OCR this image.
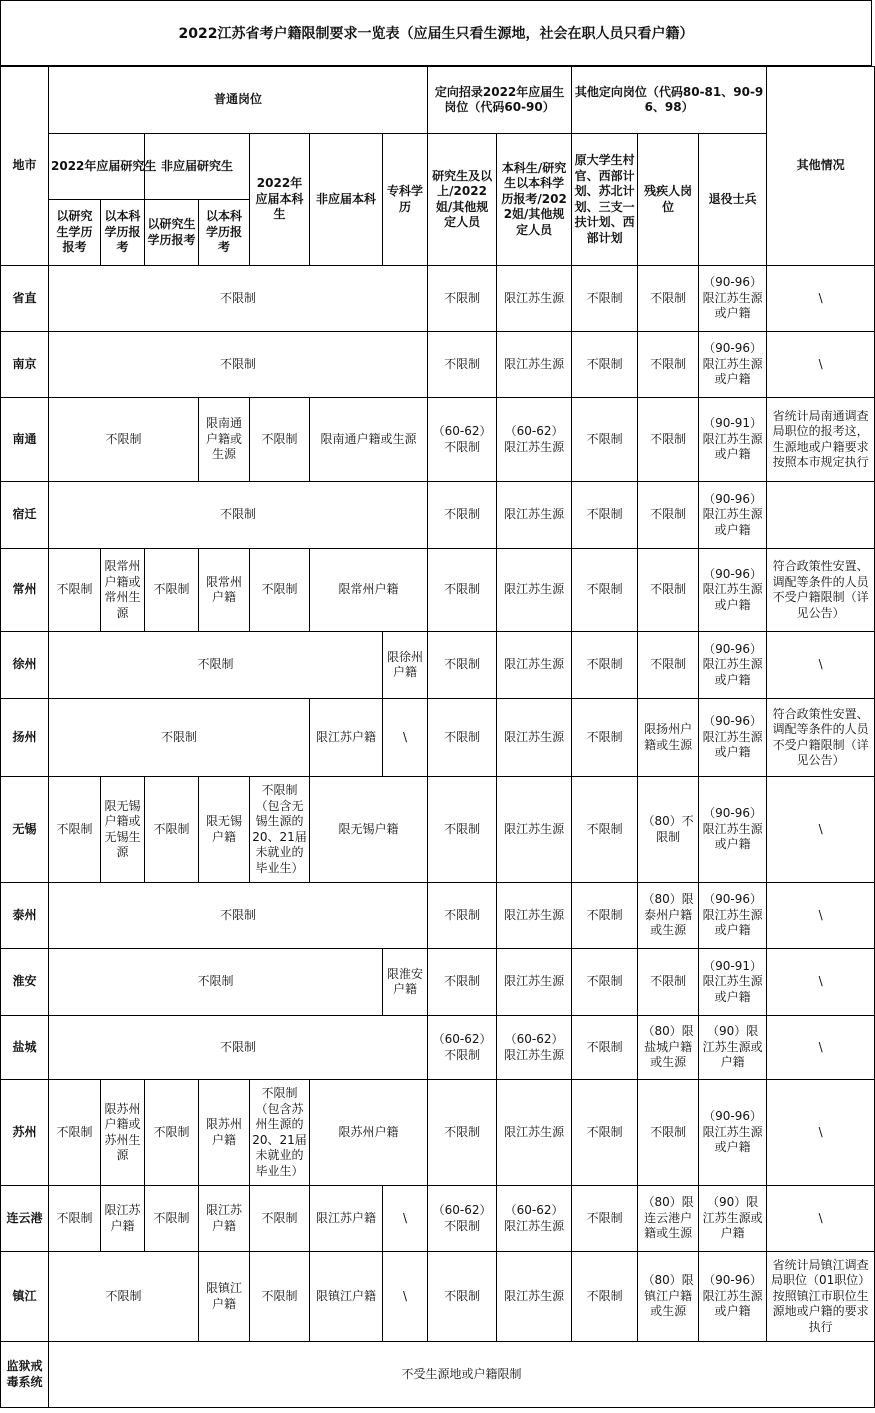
2022江苏省考户籍限制要求一览表（应届生只看生源地，社会在职人员只看户籍）
地市	普通岗位							定向招录2022年应届生岗位（代码60-90）		其他定向岗位（代码80-81、90-96、98）			其他情况
	2022年应届研究生		非应届研究生		2022年应届本科生	非应届本科	专科学历	研究生及以上/2022姐/其他规定人员	本科生/研究生以本科学历报考/2022姐/其他规定人员	原大学生村官、西部计划、苏北计划、三支一扶计划、西部计划	残疾人岗位	退役士兵	
	以研究生学历报考	以本科学历报考	以研究生学历报考	以本科学历报考									
省直	不限制							不限制	限江苏生源	不限制	不限制	（90-96）限江苏生源或户籍	\
南京	不限制							不限制	限江苏生源	不限制	不限制	（90-96）限江苏生源或户籍	\
南通	不限制			限南通户籍或生源	不限制	限南通户籍或生源		（60-62）不限制	（60-62）限江苏生源	不限制	不限制	（90-91）限江苏生源或户籍	省统计局南通调查局职位的报考这，生源地或户籍要求按照本市规定执行
宿迁	不限制							不限制	限江苏生源	不限制	不限制	（90-96）限江苏生源或户籍	
常州	不限制	限常州户籍或常州生源	不限制	限常州户籍	不限制	限常州户籍		不限制	限江苏生源	不限制	不限制	（90-96）限江苏生源或户籍	符合政策性安置、调配等条件的人员不受户籍限制（详见公告）
徐州	不限制						限徐州户籍	不限制	限江苏生源	不限制	不限制	（90-96）限江苏生源或户籍	\
扬州	不限制					限江苏户籍	\	不限制	限江苏生源	不限制	限扬州户籍或生源	（90-96）限江苏生源或户籍	符合政策性安置、调配等条件的人员不受户籍限制（详见公告）
无锡	不限制	限无锡户籍或无锡生源	不限制	限无锡户籍	不限制（包含无锡生源的20、21届未就业的毕业生）	限无锡户籍		不限制	限江苏生源	不限制	（80）不限制	（90-96）限江苏生源或户籍	\
泰州	不限制							不限制	限江苏生源	不限制	（80）限泰州户籍或生源	（90-96）限江苏生源或户籍	\
淮安	不限制						限淮安户籍	不限制	限江苏生源	不限制	不限制	（90-91）限江苏生源或户籍	\
盐城	不限制							（60-62）不限制	（60-62）限江苏生源	不限制	（80）限盐城户籍或生源	（90）限江苏生源或户籍	\
苏州	不限制	限苏州户籍或苏州生源	不限制	限苏州户籍	不限制（包含苏州生源的20、21届未就业的毕业生）	限苏州户籍		不限制	限江苏生源	不限制	不限制	（90-96）限江苏生源或户籍	\
连云港	不限制	限江苏户籍	不限制	限江苏户籍	不限制	限江苏户籍	\	（60-62）不限制	（60-62）限江苏生源	不限制	（80）限连云港户籍或生源	（90）限江苏生源或户籍	\
镇江	不限制			限镇江户籍	不限制	限镇江户籍	\	不限制	限江苏生源	不限制	（80）限镇江户籍或生源	（90-96）限江苏生源或户籍	省统计局镇江调查局职位（01职位）按照镇江市职位生源地或户籍的要求执行
监狱戒毒系统	不受生源地或户籍限制												
